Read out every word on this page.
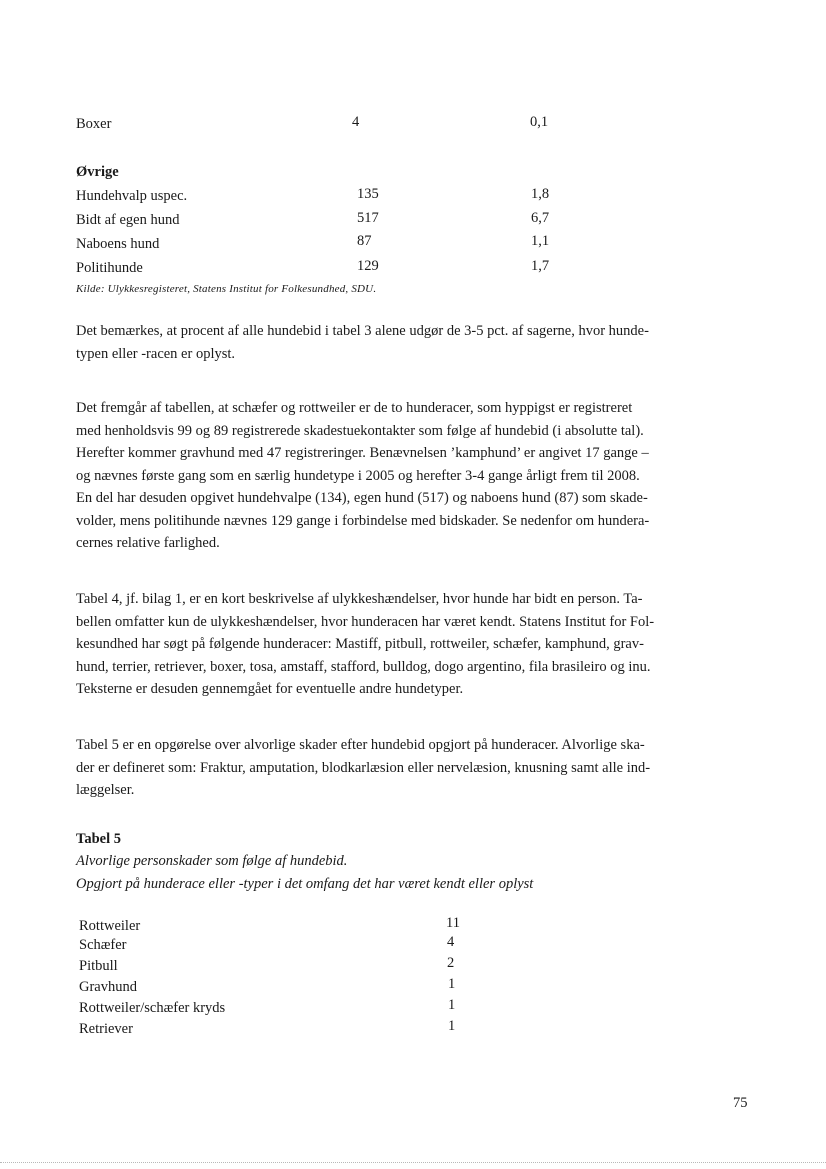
Boxer	4	0,1
Øvrige
Hundehvalp uspec.	135	1,8
Bidt af egen hund	517	6,7
Naboens hund	87	1,1
Politihunde	129	1,7
Kilde: Ulykkesregisteret, Statens Institut for Folkesundhed, SDU.
Det bemærkes, at procent af alle hundebid i tabel 3 alene udgør de 3-5 pct. af sagerne, hvor hunde-
typen eller -racen er oplyst.
Det fremgår af tabellen, at schæfer og rottweiler er de to hunderacer, som hyppigst er registreret
med henholdsvis 99 og 89 registrerede skadestuekontakter som følge af hundebid (i absolutte tal).
Herefter kommer gravhund med 47 registreringer. Benævnelsen ’kamphund’ er angivet 17 gange –
og nævnes første gang som en særlig hundetype i 2005 og herefter 3-4 gange årligt frem til 2008.
En del har desuden opgivet hundehvalpe (134), egen hund (517) og naboens hund (87) som skade-
volder, mens politihunde nævnes 129 gange i forbindelse med bidskader. Se nedenfor om hundera-
cernes relative farlighed.
Tabel 4, jf. bilag 1, er en kort beskrivelse af ulykkeshændelser, hvor hunde har bidt en person. Ta-
bellen omfatter kun de ulykkeshændelser, hvor hunderacen har været kendt. Statens Institut for Fol-
kesundhed har søgt på følgende hunderacer: Mastiff, pitbull, rottweiler, schæfer, kamphund, grav-
hund, terrier, retriever, boxer, tosa, amstaff, stafford, bulldog, dogo argentino, fila brasileiro og inu.
Teksterne er desuden gennemgået for eventuelle andre hundetyper.
Tabel 5 er en opgørelse over alvorlige skader efter hundebid opgjort på hunderacer. Alvorlige ska-
der er defineret som: Fraktur, amputation, blodkarlæsion eller nervelæsion, knusning samt alle ind-
læggelser.
Tabel 5
Alvorlige personskader som følge af hundebid.
Opgjort på hunderace eller -typer i det omfang det har været kendt eller oplyst
Rottweiler	11
Schæfer	4
Pitbull	2
Gravhund	1
Rottweiler/schæfer kryds	1
Retriever	1
75
